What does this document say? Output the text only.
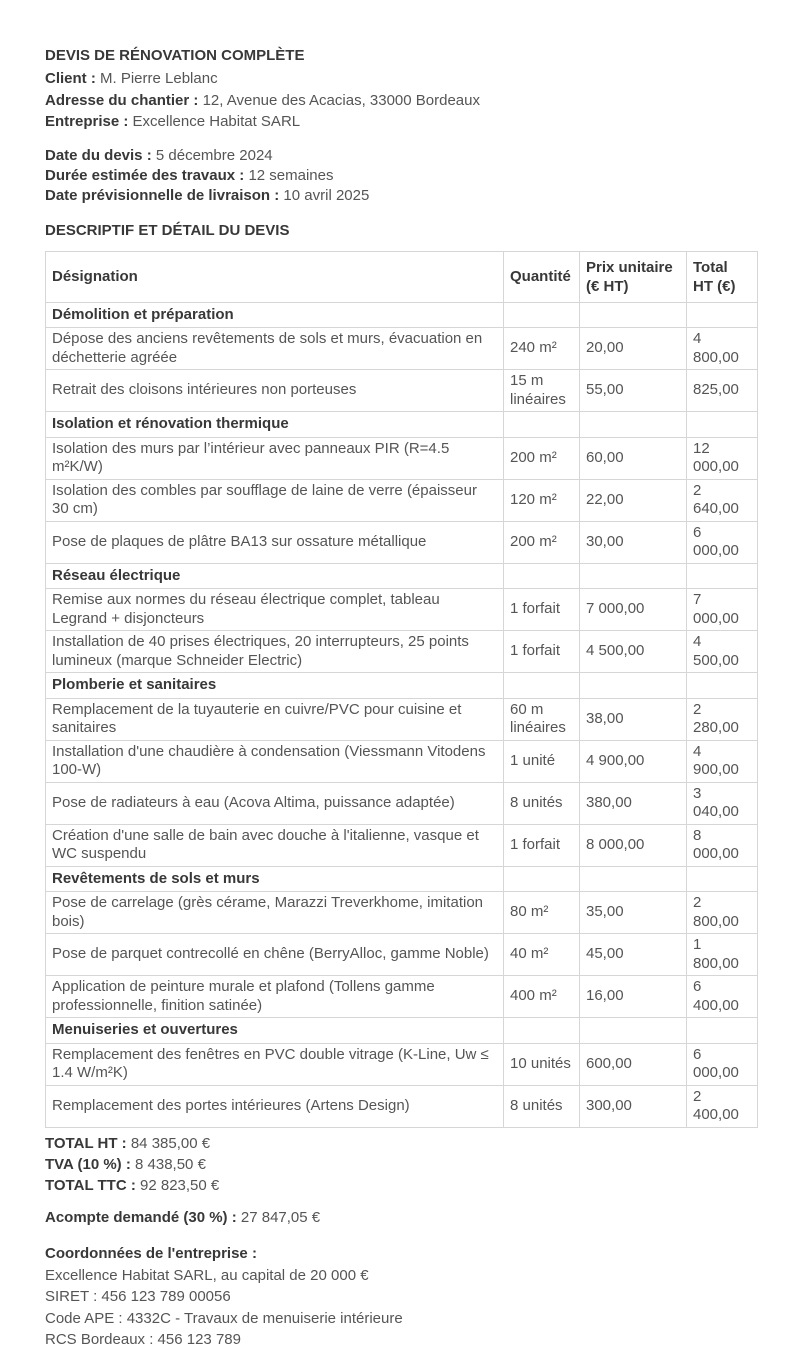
DEVIS DE RÉNOVATION COMPLÈTE

Client : M. Pierre Leblanc

Adresse du chantier : 12, Avenue des Acacias, 33000 Bordeaux

Entreprise : Excellence Habitat SARL

Date du devis : 5 décembre 2024

Durée estimée des travaux : 12 semaines

Date prévisionnelle de livraison : 10 avril 2025

DESCRIPTIF ET DÉTAIL DU DEVIS
Désignation	Quantité	Prix unitaire (€ HT)	Total HT (€)
Démolition et préparation			
Dépose des anciens revêtements de sols et murs, évacuation en déchetterie agréée	240 m²	20,00	4 800,00
Retrait des cloisons intérieures non porteuses	15 m linéaires	55,00	825,00
Isolation et rénovation thermique			
Isolation des murs par l’intérieur avec panneaux PIR (R=4.5 m²K/W)	200 m²	60,00	12 000,00
Isolation des combles par soufflage de laine de verre (épaisseur 30 cm)	120 m²	22,00	2 640,00
Pose de plaques de plâtre BA13 sur ossature métallique	200 m²	30,00	6 000,00
Réseau électrique			
Remise aux normes du réseau électrique complet, tableau Legrand + disjoncteurs	1 forfait	7 000,00	7 000,00
Installation de 40 prises électriques, 20 interrupteurs, 25 points lumineux (marque Schneider Electric)	1 forfait	4 500,00	4 500,00
Plomberie et sanitaires			
Remplacement de la tuyauterie en cuivre/PVC pour cuisine et sanitaires	60 m linéaires	38,00	2 280,00
Installation d'une chaudière à condensation (Viessmann Vitodens 100-W)	1 unité	4 900,00	4 900,00
Pose de radiateurs à eau (Acova Altima, puissance adaptée)	8 unités	380,00	3 040,00
Création d'une salle de bain avec douche à l'italienne, vasque et WC suspendu	1 forfait	8 000,00	8 000,00
Revêtements de sols et murs			
Pose de carrelage (grès cérame, Marazzi Treverkhome, imitation bois)	80 m²	35,00	2 800,00
Pose de parquet contrecollé en chêne (BerryAlloc, gamme Noble)	40 m²	45,00	1 800,00
Application de peinture murale et plafond (Tollens gamme professionnelle, finition satinée)	400 m²	16,00	6 400,00
Menuiseries et ouvertures			
Remplacement des fenêtres en PVC double vitrage (K-Line, Uw ≤ 1.4 W/m²K)	10 unités	600,00	6 000,00
Remplacement des portes intérieures (Artens Design)	8 unités	300,00	2 400,00

TOTAL HT : 84 385,00 €

TVA (10 %) : 8 438,50 €

TOTAL TTC : 92 823,50 €

Acompte demandé (30 %) : 27 847,05 €

Coordonnées de l'entreprise :

Excellence Habitat SARL, au capital de 20 000 €

SIRET : 456 123 789 00056

Code APE : 4332C - Travaux de menuiserie intérieure

RCS Bordeaux : 456 123 789
